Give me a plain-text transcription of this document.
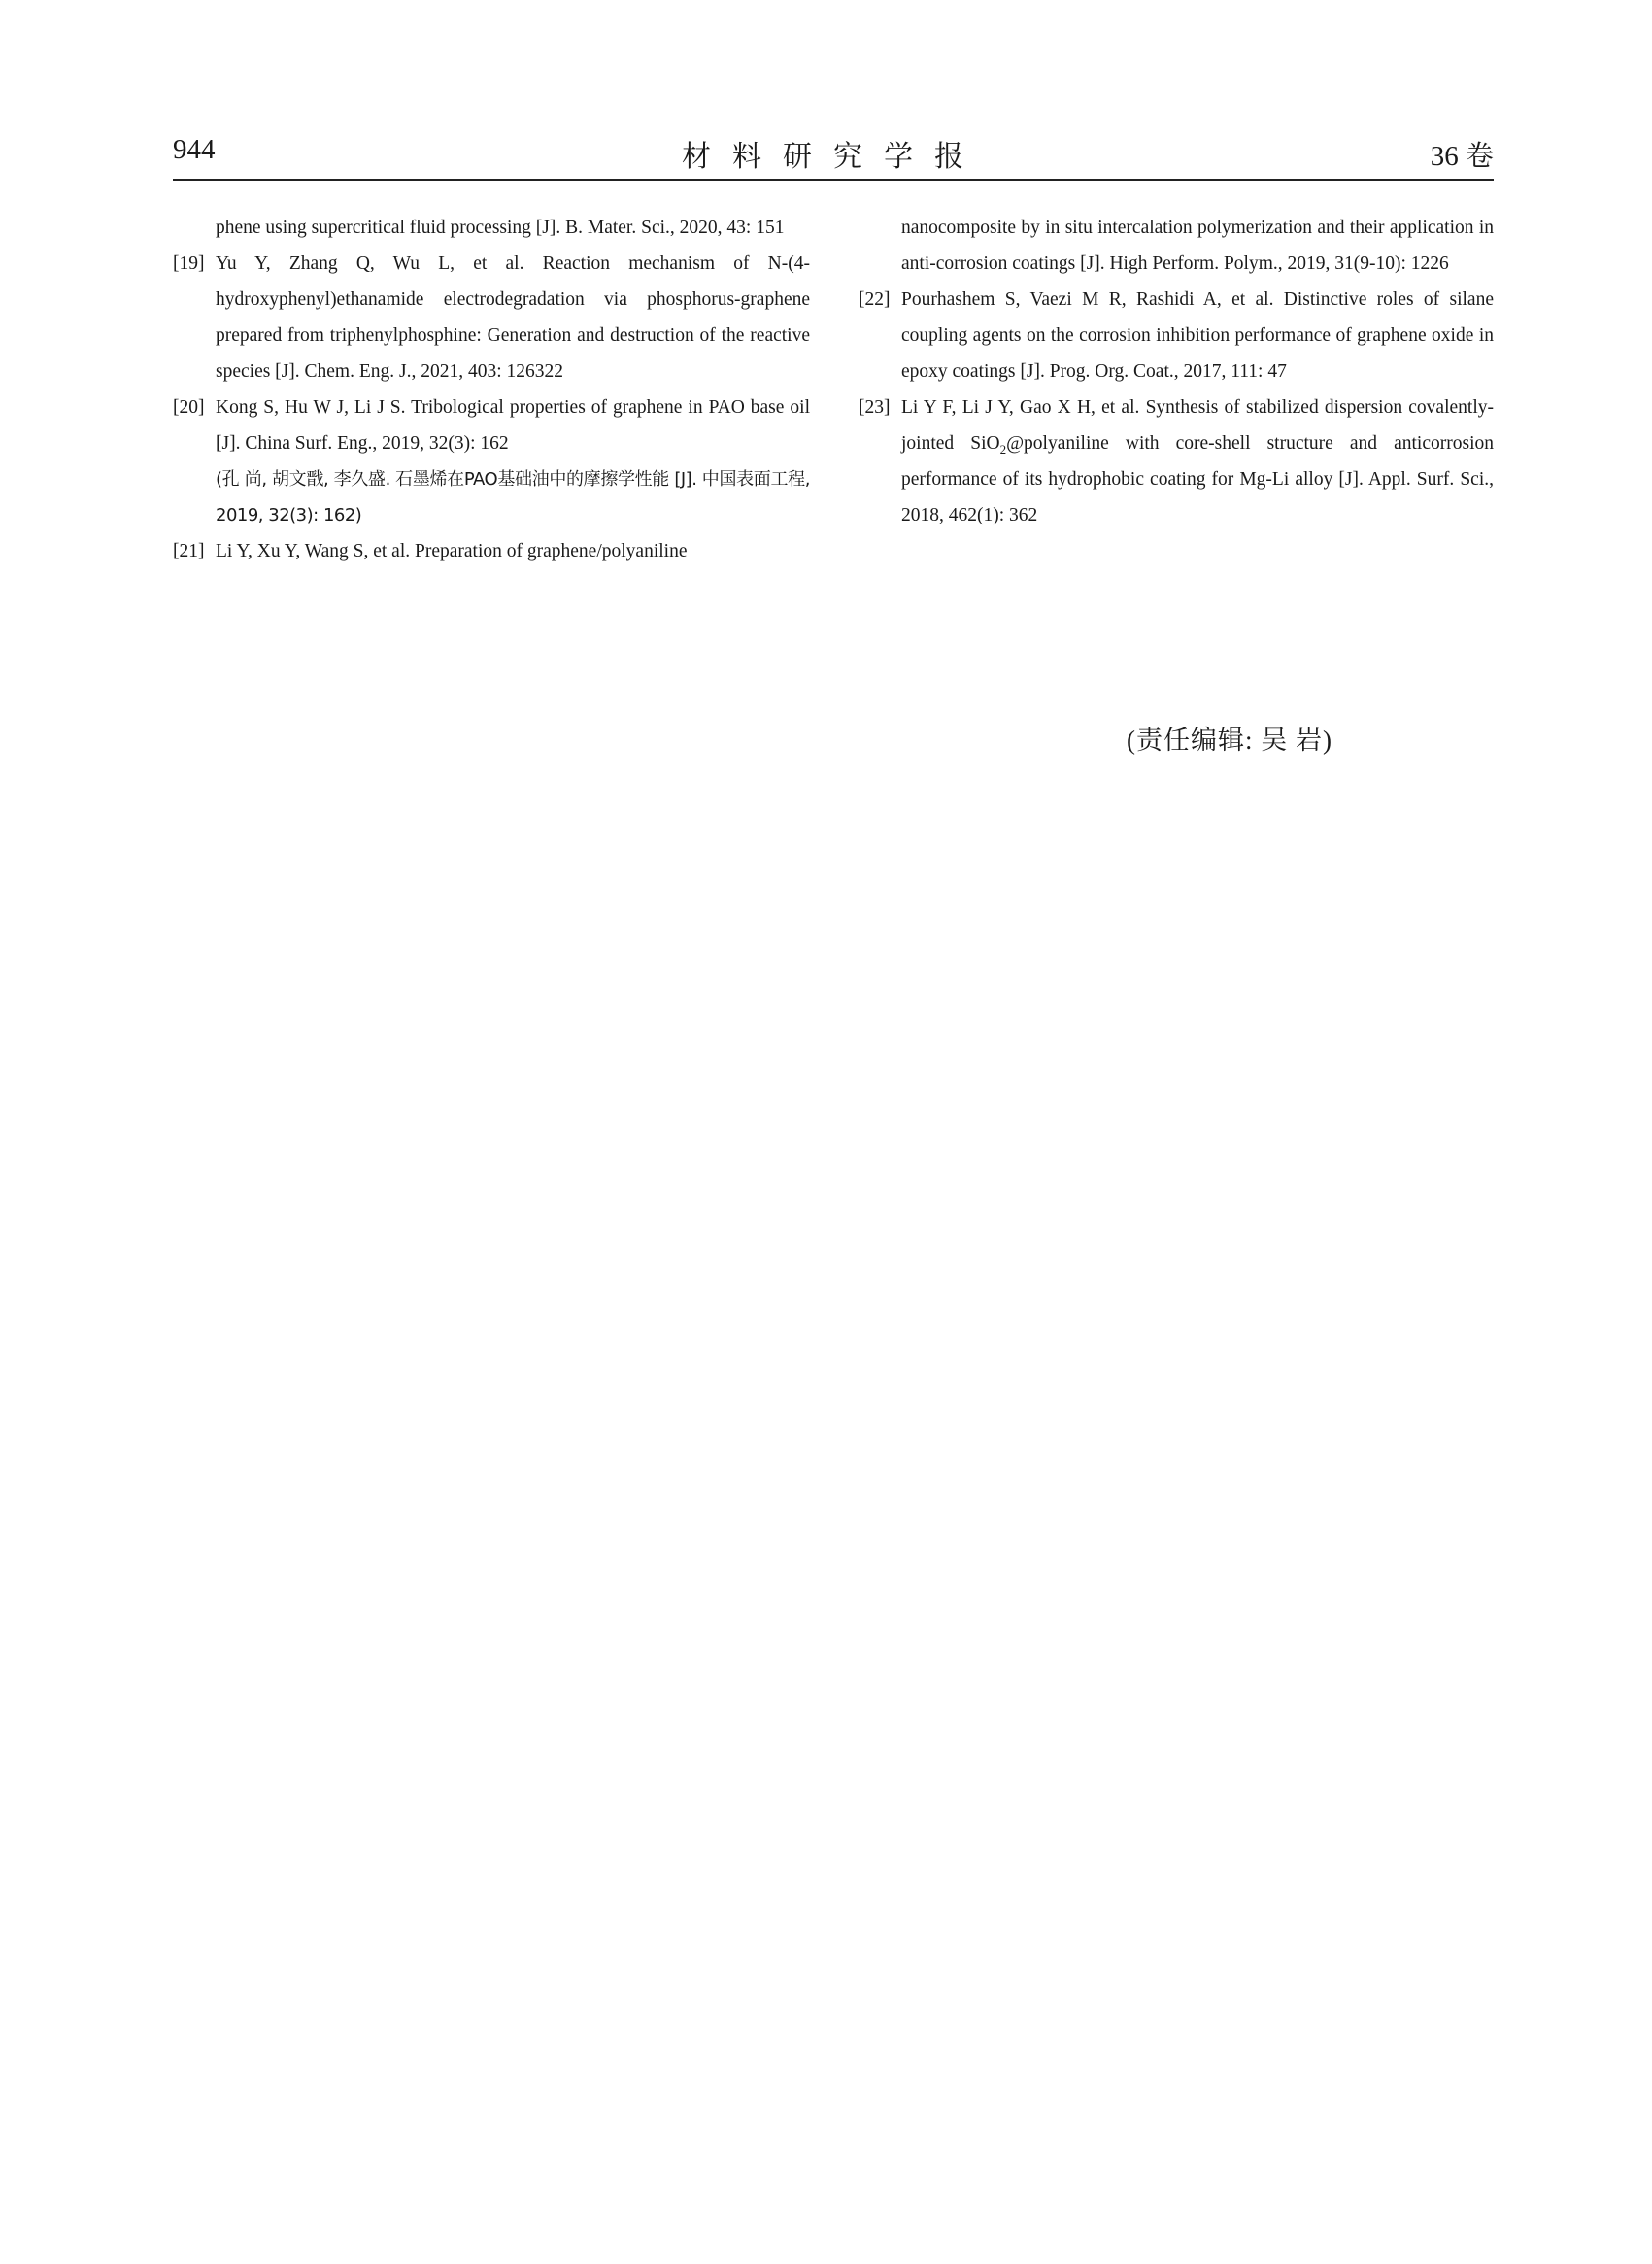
944	材料研究学报	36 卷
phene using supercritical fluid processing [J]. B. Mater. Sci., 2020, 43: 151
[19] Yu Y, Zhang Q, Wu L, et al. Reaction mechanism of N-(4-hydroxyphenyl)ethanamide electrodegradation via phosphorus-graphene prepared from triphenylphosphine: Generation and destruction of the reactive species [J]. Chem. Eng. J., 2021, 403: 126322
[20] Kong S, Hu W J, Li J S. Tribological properties of graphene in PAO base oil [J]. China Surf. Eng., 2019, 32(3): 162
(孔 尚, 胡文戬, 李久盛. 石墨烯在PAO基础油中的摩擦学性能 [J]. 中国表面工程, 2019, 32(3): 162)
[21] Li Y, Xu Y, Wang S, et al. Preparation of graphene/polyaniline
nanocomposite by in situ intercalation polymerization and their application in anti-corrosion coatings [J]. High Perform. Polym., 2019, 31(9-10): 1226
[22] Pourhashem S, Vaezi M R, Rashidi A, et al. Distinctive roles of silane coupling agents on the corrosion inhibition performance of graphene oxide in epoxy coatings [J]. Prog. Org. Coat., 2017, 111: 47
[23] Li Y F, Li J Y, Gao X H, et al. Synthesis of stabilized dispersion covalently-jointed SiO$_2$@polyaniline with core-shell structure and anticorrosion performance of its hydrophobic coating for Mg-Li alloy [J]. Appl. Surf. Sci., 2018, 462(1): 362
(责任编辑: 吴 岩)
